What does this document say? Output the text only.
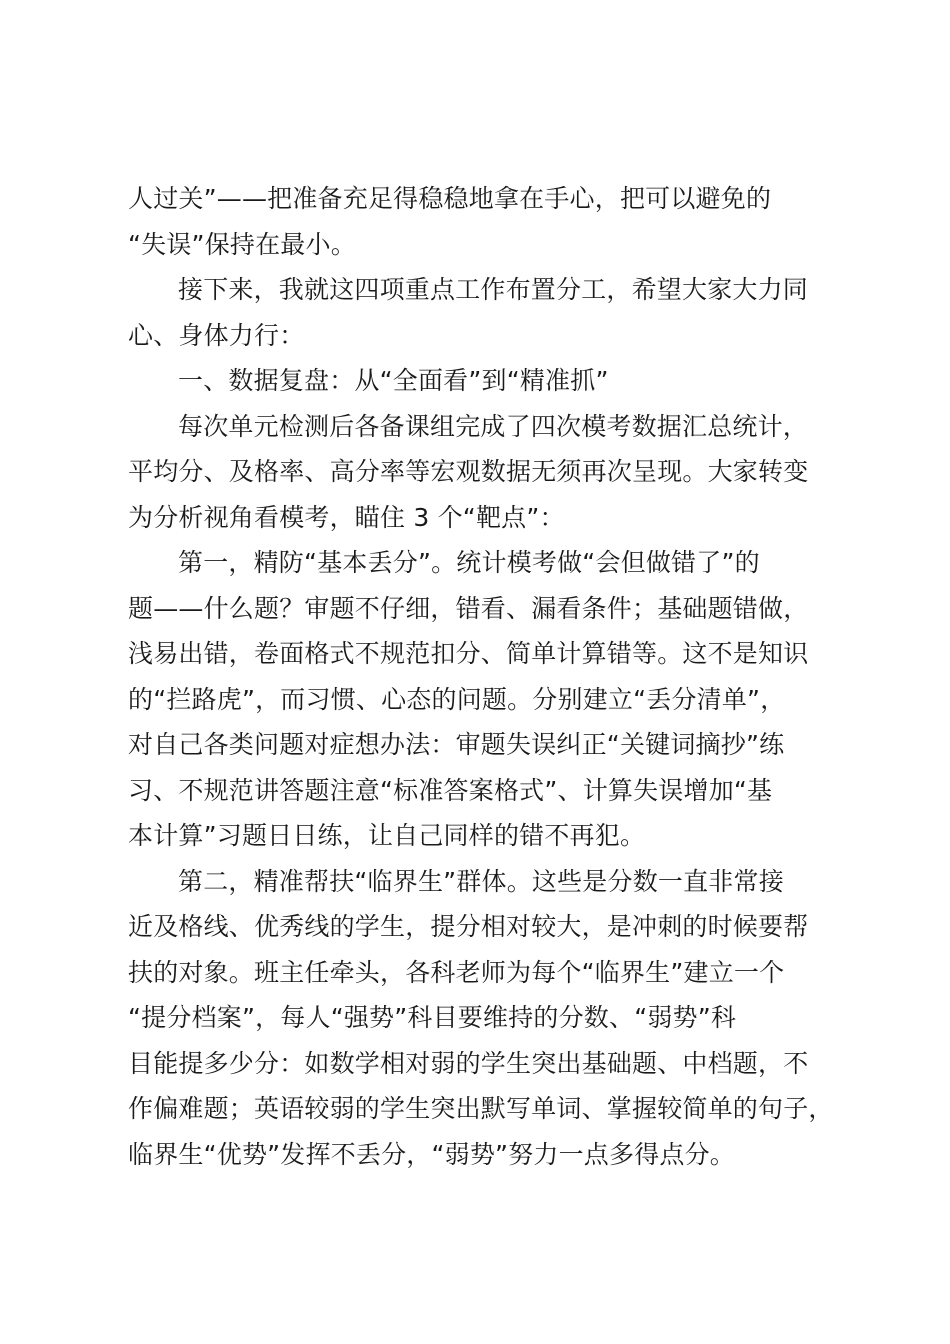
人过关”——把准备充足得稳稳地拿在手心，把可以避免的
“失误”保持在最小。
接下来，我就这四项重点工作布置分工，希望大家大力同
心、身体力行：
一、数据复盘：从“全面看”到“精准抓”
每次单元检测后各备课组完成了四次模考数据汇总统计，
平均分、及格率、高分率等宏观数据无须再次呈现。大家转变
为分析视角看模考，瞄住 3 个“靶点”：
第一，精防“基本丢分”。统计模考做“会但做错了”的
题——什么题？审题不仔细，错看、漏看条件；基础题错做，
浅易出错，卷面格式不规范扣分、简单计算错等。这不是知识
的“拦路虎”，而习惯、心态的问题。分别建立“丢分清单”，
对自己各类问题对症想办法：审题失误纠正“关键词摘抄”练
习、不规范讲答题注意“标准答案格式”、计算失误增加“基
本计算”习题日日练，让自己同样的错不再犯。
第二，精准帮扶“临界生”群体。这些是分数一直非常接
近及格线、优秀线的学生，提分相对较大，是冲刺的时候要帮
扶的对象。班主任牵头，各科老师为每个“临界生”建立一个
“提分档案”，每人“强势”科目要维持的分数、“弱势”科
目能提多少分：如数学相对弱的学生突出基础题、中档题，不
作偏难题；英语较弱的学生突出默写单词、掌握较简单的句子，
临界生“优势”发挥不丢分，“弱势”努力一点多得点分。
